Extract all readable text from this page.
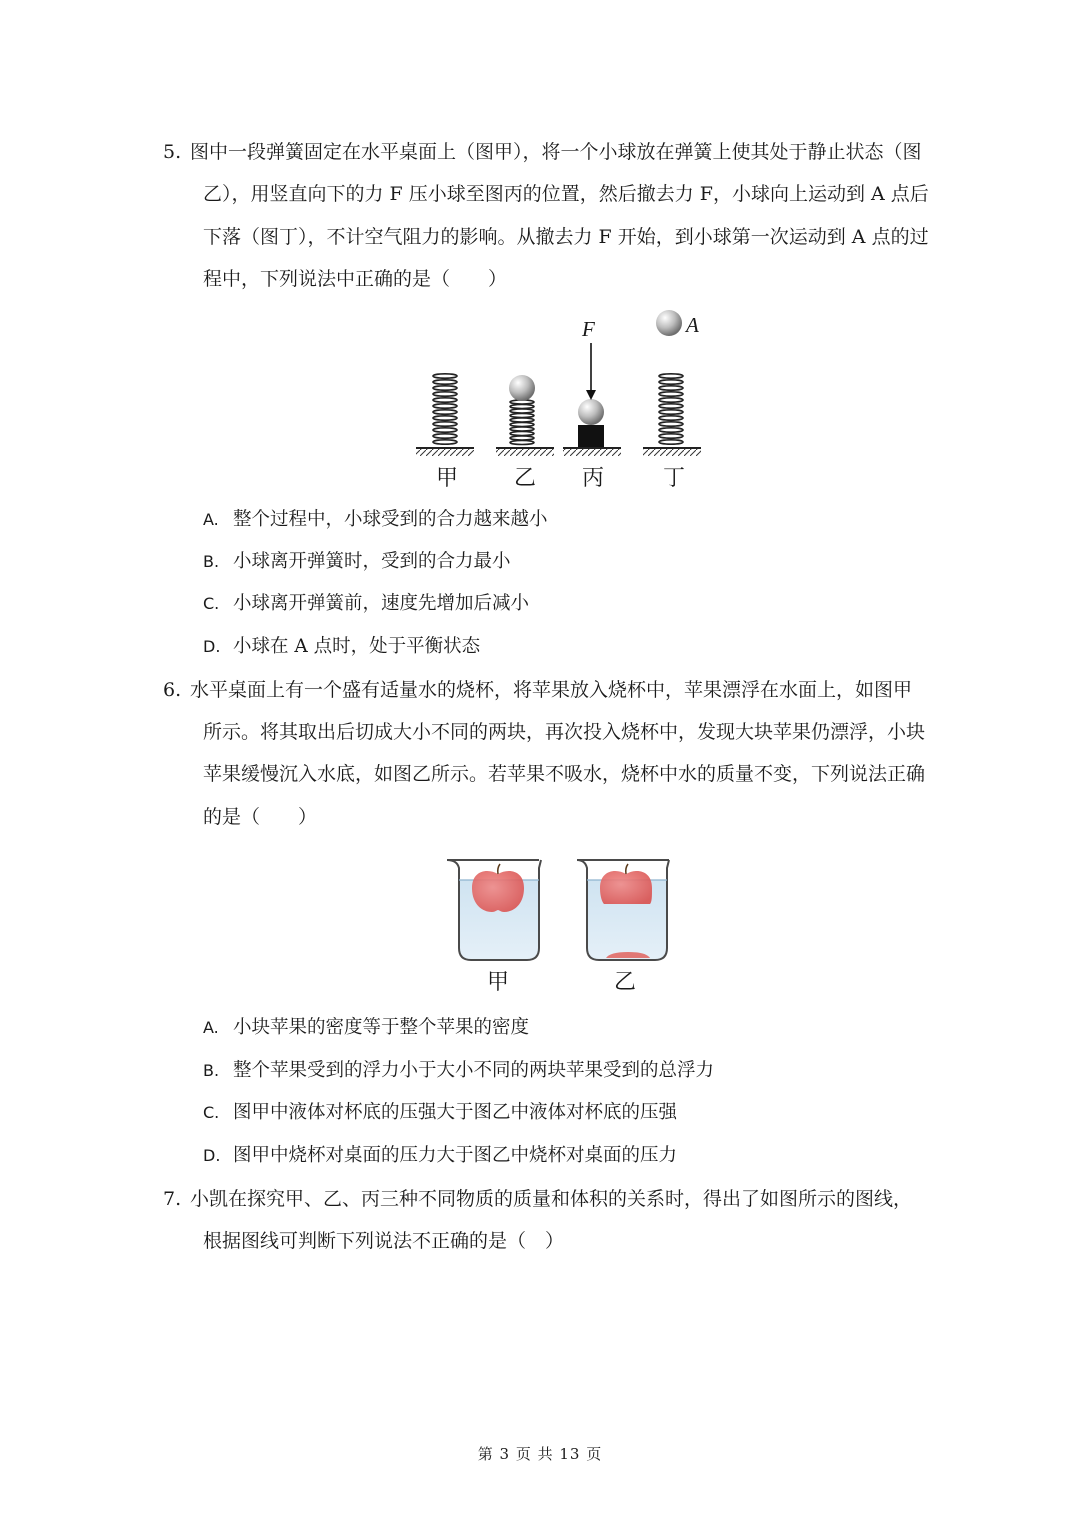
5. 图中一段弹簧固定在水平桌面上（图甲），将一个小球放在弹簧上使其处于静止状态（图
乙），用竖直向下的力 F 压小球至图丙的位置，然后撤去力 F，小球向上运动到 A 点后
下落（图丁），不计空气阻力的影响。从撤去力 F 开始，到小球第一次运动到 A 点的过
程中，下列说法中正确的是（　　）
F	A
甲	乙 丙	丁
A. 整个过程中，小球受到的合力越来越小
B. 小球离开弹簧时，受到的合力最小
C. 小球离开弹簧前，速度先增加后减小
D. 小球在 A 点时，处于平衡状态
6. 水平桌面上有一个盛有适量水的烧杯，将苹果放入烧杯中，苹果漂浮在水面上，如图甲
所示。将其取出后切成大小不同的两块，再次投入烧杯中，发现大块苹果仍漂浮，小块
苹果缓慢沉入水底，如图乙所示。若苹果不吸水，烧杯中水的质量不变，下列说法正确
的是（　　）
甲	乙
A. 小块苹果的密度等于整个苹果的密度
B. 整个苹果受到的浮力小于大小不同的两块苹果受到的总浮力
C. 图甲中液体对杯底的压强大于图乙中液体对杯底的压强
D. 图甲中烧杯对桌面的压力大于图乙中烧杯对桌面的压力
7. 小凯在探究甲、乙、丙三种不同物质的质量和体积的关系时，得出了如图所示的图线，
根据图线可判断下列说法不正确的是（　）
第 3 页 共 13 页
